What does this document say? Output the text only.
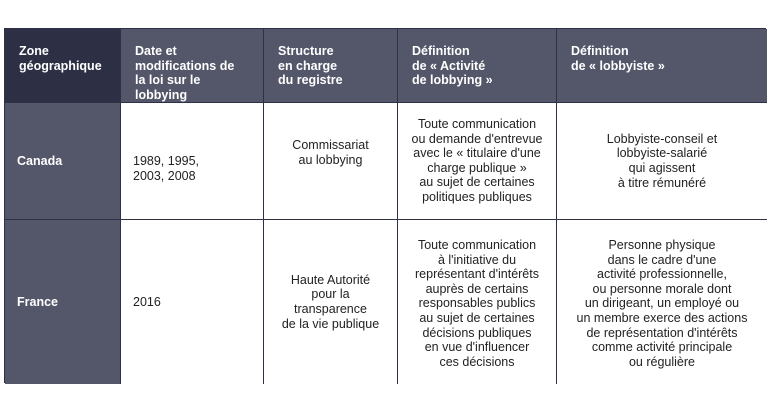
Zone
géographique
Date et
modifications de
la loi sur le lobbying
Structure
en charge
du registre
Définition
de « Activité
de lobbying »
Définition
de « lobbyiste »
Canada	1989, 1995,
2003, 2008
Commissariat
au lobbying
Toute communication
ou demande d'entrevue
avec le « titulaire d'une
charge publique »
au sujet de certaines
politiques publiques
Lobbyiste-conseil et
lobbyiste-salarié
qui agissent
à titre rémunéré
France	2016
Haute Autorité
pour la
transparence
de la vie publique
Toute communication
à l'initiative du
représentant d'intérêts
auprès de certains
responsables publics
au sujet de certaines
décisions publiques
en vue d'influencer
ces décisions
Personne physique
dans le cadre d'une
activité professionnelle,
ou personne morale dont
un dirigeant, un employé ou
un membre exerce des actions
de représentation d'intérêts
comme activité principale
ou régulière
